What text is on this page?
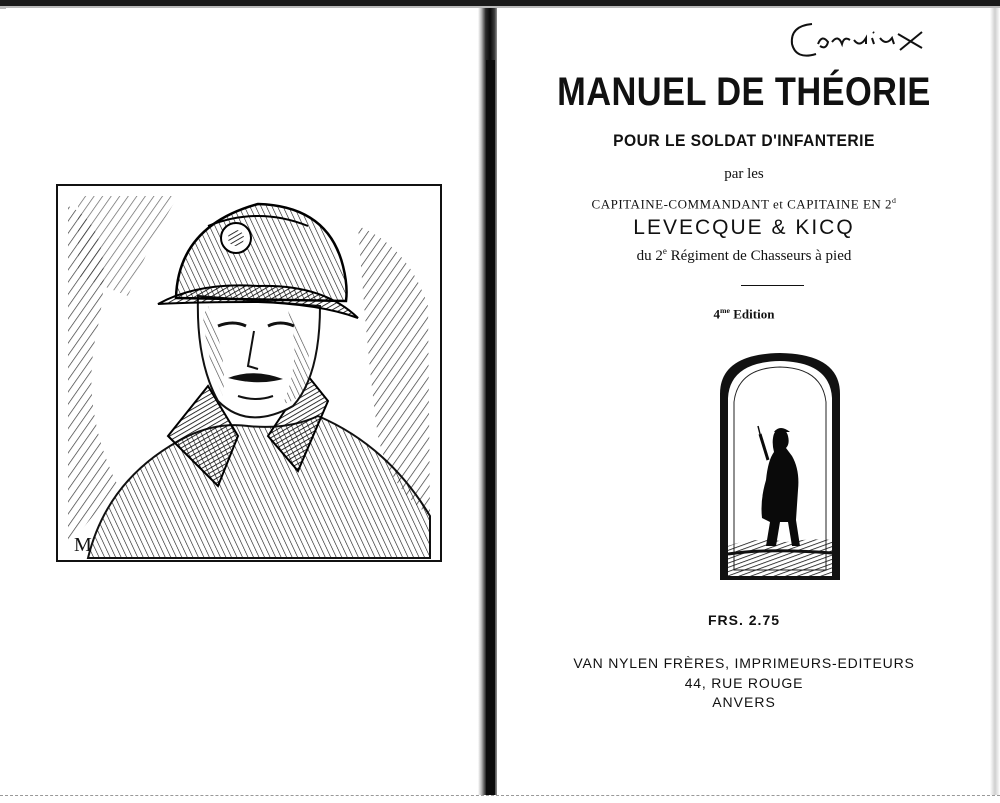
M
MANUEL DE THÉORIE
POUR LE SOLDAT D'INFANTERIE
par les
CAPITAINE-COMMANDANT et CAPITAINE EN 2$^d$
LEVECQUE & KICQ
du 2e Régiment de Chasseurs à pied
$4^{me}$ Edition
FRS. 2.75
VAN NYLEN FRÈRES, IMPRIMEURS-EDITEURS
44, RUE ROUGE
ANVERS
